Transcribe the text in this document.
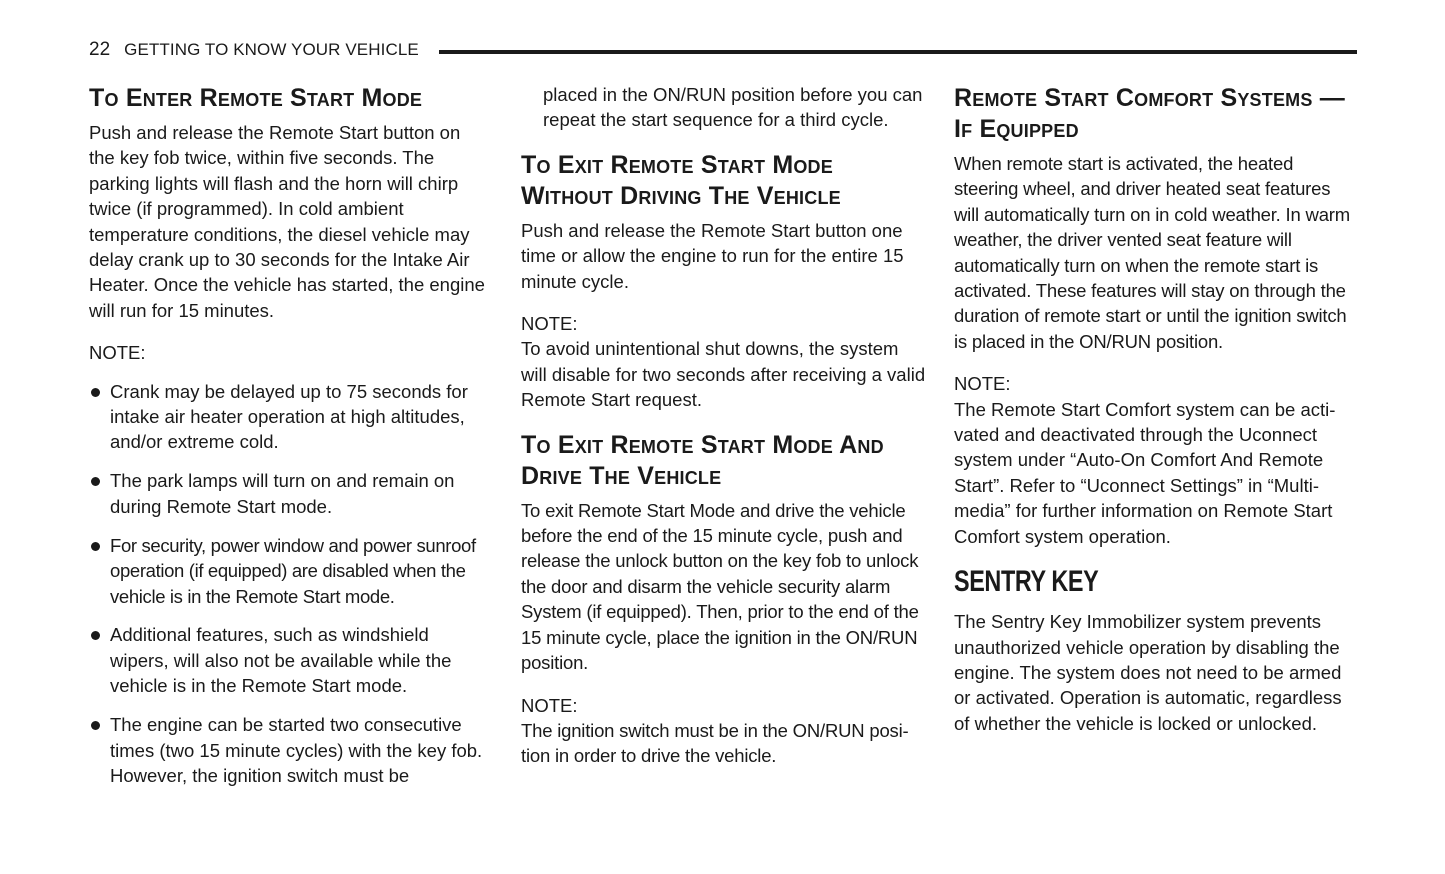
22 GETTING TO KNOW YOUR VEHICLE
To Enter Remote Start Mode

Push and release the Remote Start button on the key fob twice, within five seconds. The parking lights will flash and the horn will chirp twice (if programmed). In cold ambient temperature conditions, the diesel vehicle may delay crank up to 30 seconds for the Intake Air Heater. Once the vehicle has started, the engine will run for 15 minutes.

NOTE:

Crank may be delayed up to 75 seconds for intake air heater operation at high altitudes, and/or extreme cold.
The park lamps will turn on and remain on during Remote Start mode.
For security, power window and power sunroof operation (if equipped) are disabled when the vehicle is in the Remote Start mode.
Additional features, such as windshield wipers, will also not be available while the vehicle is in the Remote Start mode.
The engine can be started two consecutive times (two 15 minute cycles) with the key fob. However, the ignition switch must be

placed in the ON/RUN position before you can repeat the start sequence for a third cycle.

To Exit Remote Start Mode Without Driving The Vehicle

Push and release the Remote Start button one time or allow the engine to run for the entire 15 minute cycle.

NOTE:

To avoid unintentional shut downs, the system will disable for two seconds after receiving a valid Remote Start request.

To Exit Remote Start Mode And Drive The Vehicle

To exit Remote Start Mode and drive the vehicle before the end of the 15 minute cycle, push and release the unlock button on the key fob to unlock the door and disarm the vehicle security alarm System (if equipped). Then, prior to the end of the 15 minute cycle, place the ignition in the ON/RUN position.

NOTE:

The ignition switch must be in the ON/RUN posi- tion in order to drive the vehicle.

Remote Start Comfort Systems — If Equipped

When remote start is activated, the heated steering wheel, and driver heated seat features will automatically turn on in cold weather. In warm weather, the driver vented seat feature will automatically turn on when the remote start is activated. These features will stay on through the duration of remote start or until the ignition switch is placed in the ON/RUN position.

NOTE:

The Remote Start Comfort system can be acti- vated and deactivated through the Uconnect system under “Auto-On Comfort And Remote Start”. Refer to “Uconnect Settings” in “Multi- media” for further information on Remote Start Comfort system operation.

SENTRY KEY

The Sentry Key Immobilizer system prevents unauthorized vehicle operation by disabling the engine. The system does not need to be armed or activated. Operation is automatic, regardless of whether the vehicle is locked or unlocked.
